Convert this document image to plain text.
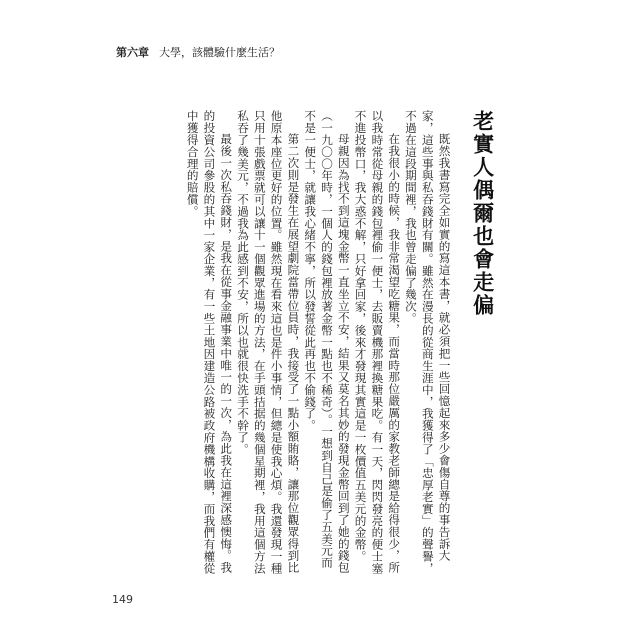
第六章 大學，該體驗什麼生活？
老實人偶爾也會走偏

既然我書寫完全如實的寫這本書，就必須把一些回憶起來多少會傷自尊的事告訴大家，這些事與私吞錢財有關。雖然在漫長的從商生涯中，我獲得了「忠厚老實」的聲譽，不過在這段期間裡，我也曾走偏了幾次。

在我很小的時候，我非常渴望吃糖果，而當時那位嚴厲的家教老師總是給得很少，所以我時常從母親的錢包裡偷一便士，去販賣機那裡換糖果吃。有一天，閃閃發亮的便士塞不進投幣口，我大惑不解，只好拿回家，後來才發現其實這是一枚價值五美元的金幣。

母親因為找不到這塊金幣一直坐立不安，結果又莫名其妙的發現金幣回到了她的錢包（一九〇〇年時，一個人的錢包裡放著金幣一點也不稀奇）。一想到自己是偷了五美元而不是一便士，就讓我心緒不寧，所以發誓從此再也不偷錢了。

第二次則是發生在展望劇院當帶位員時，我接受了一點小額賄賂，讓那位觀眾得到比他原本座位更好的位置。雖然現在看來這也是件小事情，但總是使我心煩。我還發現一種只用十張戲票就可以讓十一個觀眾進場的方法，在手頭拮据的幾個星期裡，我用這個方法私吞了幾美元，不過我為此感到不安，所以也就很快洗手不幹了。

最後一次私吞錢財，是我在從事金融事業中唯一的一次，為此我在這裡深感懊悔。我的投資公司參股的其中一家企業，有一些土地因建造公路被政府機構收購，而我們有權從中獲得合理的賠償。

149
